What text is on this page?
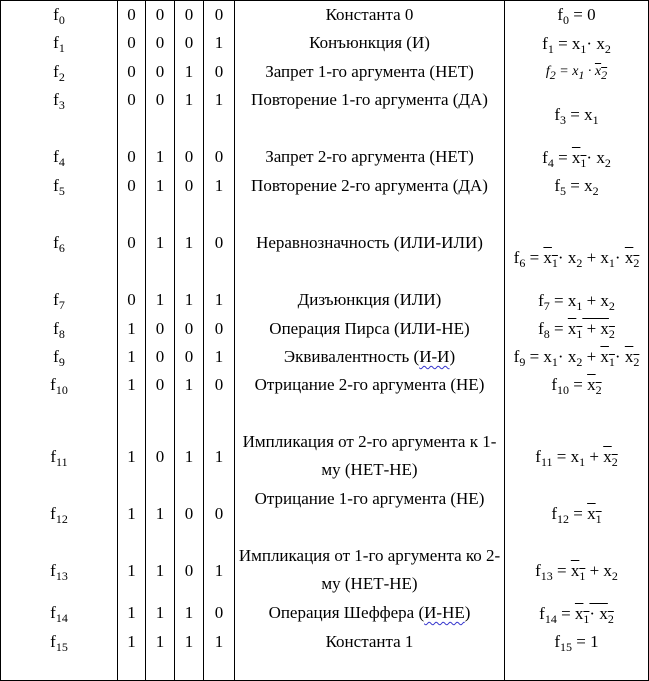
$f_0$	0	0	0	0	Константа 0	$f_0 = 0$
$f_1$	0	0	0	1	Конъюнкция (И)	$f_1 = x_1\cdot x_2$
$f_2$	0	0	1	0	Запрет 1-го аргумента (НЕТ)	f2 = x1 · x2
$f_3$	0	0	1	1	Повторение 1-го аргумента (ДА)	$f_3 = x_1$
$f_4$	0	1	0	0	Запрет 2-го аргумента (НЕТ)	$f_4 = x_1\cdot x_2$
$f_5$	0	1	0	1	Повторение 2-го аргумента (ДА)	$f_5 = x_2$
$f_6$	0	1	1	0	Неравнозначность (ИЛИ-ИЛИ)	$f_6 = x_1\cdot x_2 + x_1\cdot x_2$
$f_7$	0	1	1	1	Дизъюнкция (ИЛИ)	$f_7 = x_1 + x_2$
$f_8$	1	0	0	0	Операция Пирса (ИЛИ-НЕ)	$f_8 = x_1 + x_2$
$f_9$	1	0	0	1	Эквивалентность (И-И)	$f_9 = x_1\cdot x_2 + x_1\cdot x_2$
$f_{10}$	1	0	1	0	Отрицание 2-го аргумента (НЕ)	$f_{10} = x_2$
$f_{11}$	1	0	1	1	Импликация от 2-го аргумента к 1-му (НЕТ-НЕ)	$f_{11} = x_1 + x_2$
$f_{12}$	1	1	0	0	Отрицание 1-го аргумента (НЕ)	$f_{12} = x_1$
$f_{13}$	1	1	0	1	Импликация от 1-го аргумента ко 2-му (НЕТ-НЕ)	$f_{13} = x_1 + x_2$
$f_{14}$	1	1	1	0	Операция Шеффера (И-НЕ)	$f_{14} = x_1\cdot x_2$
$f_{15}$	1	1	1	1	Константа 1	$f_{15} = 1$
